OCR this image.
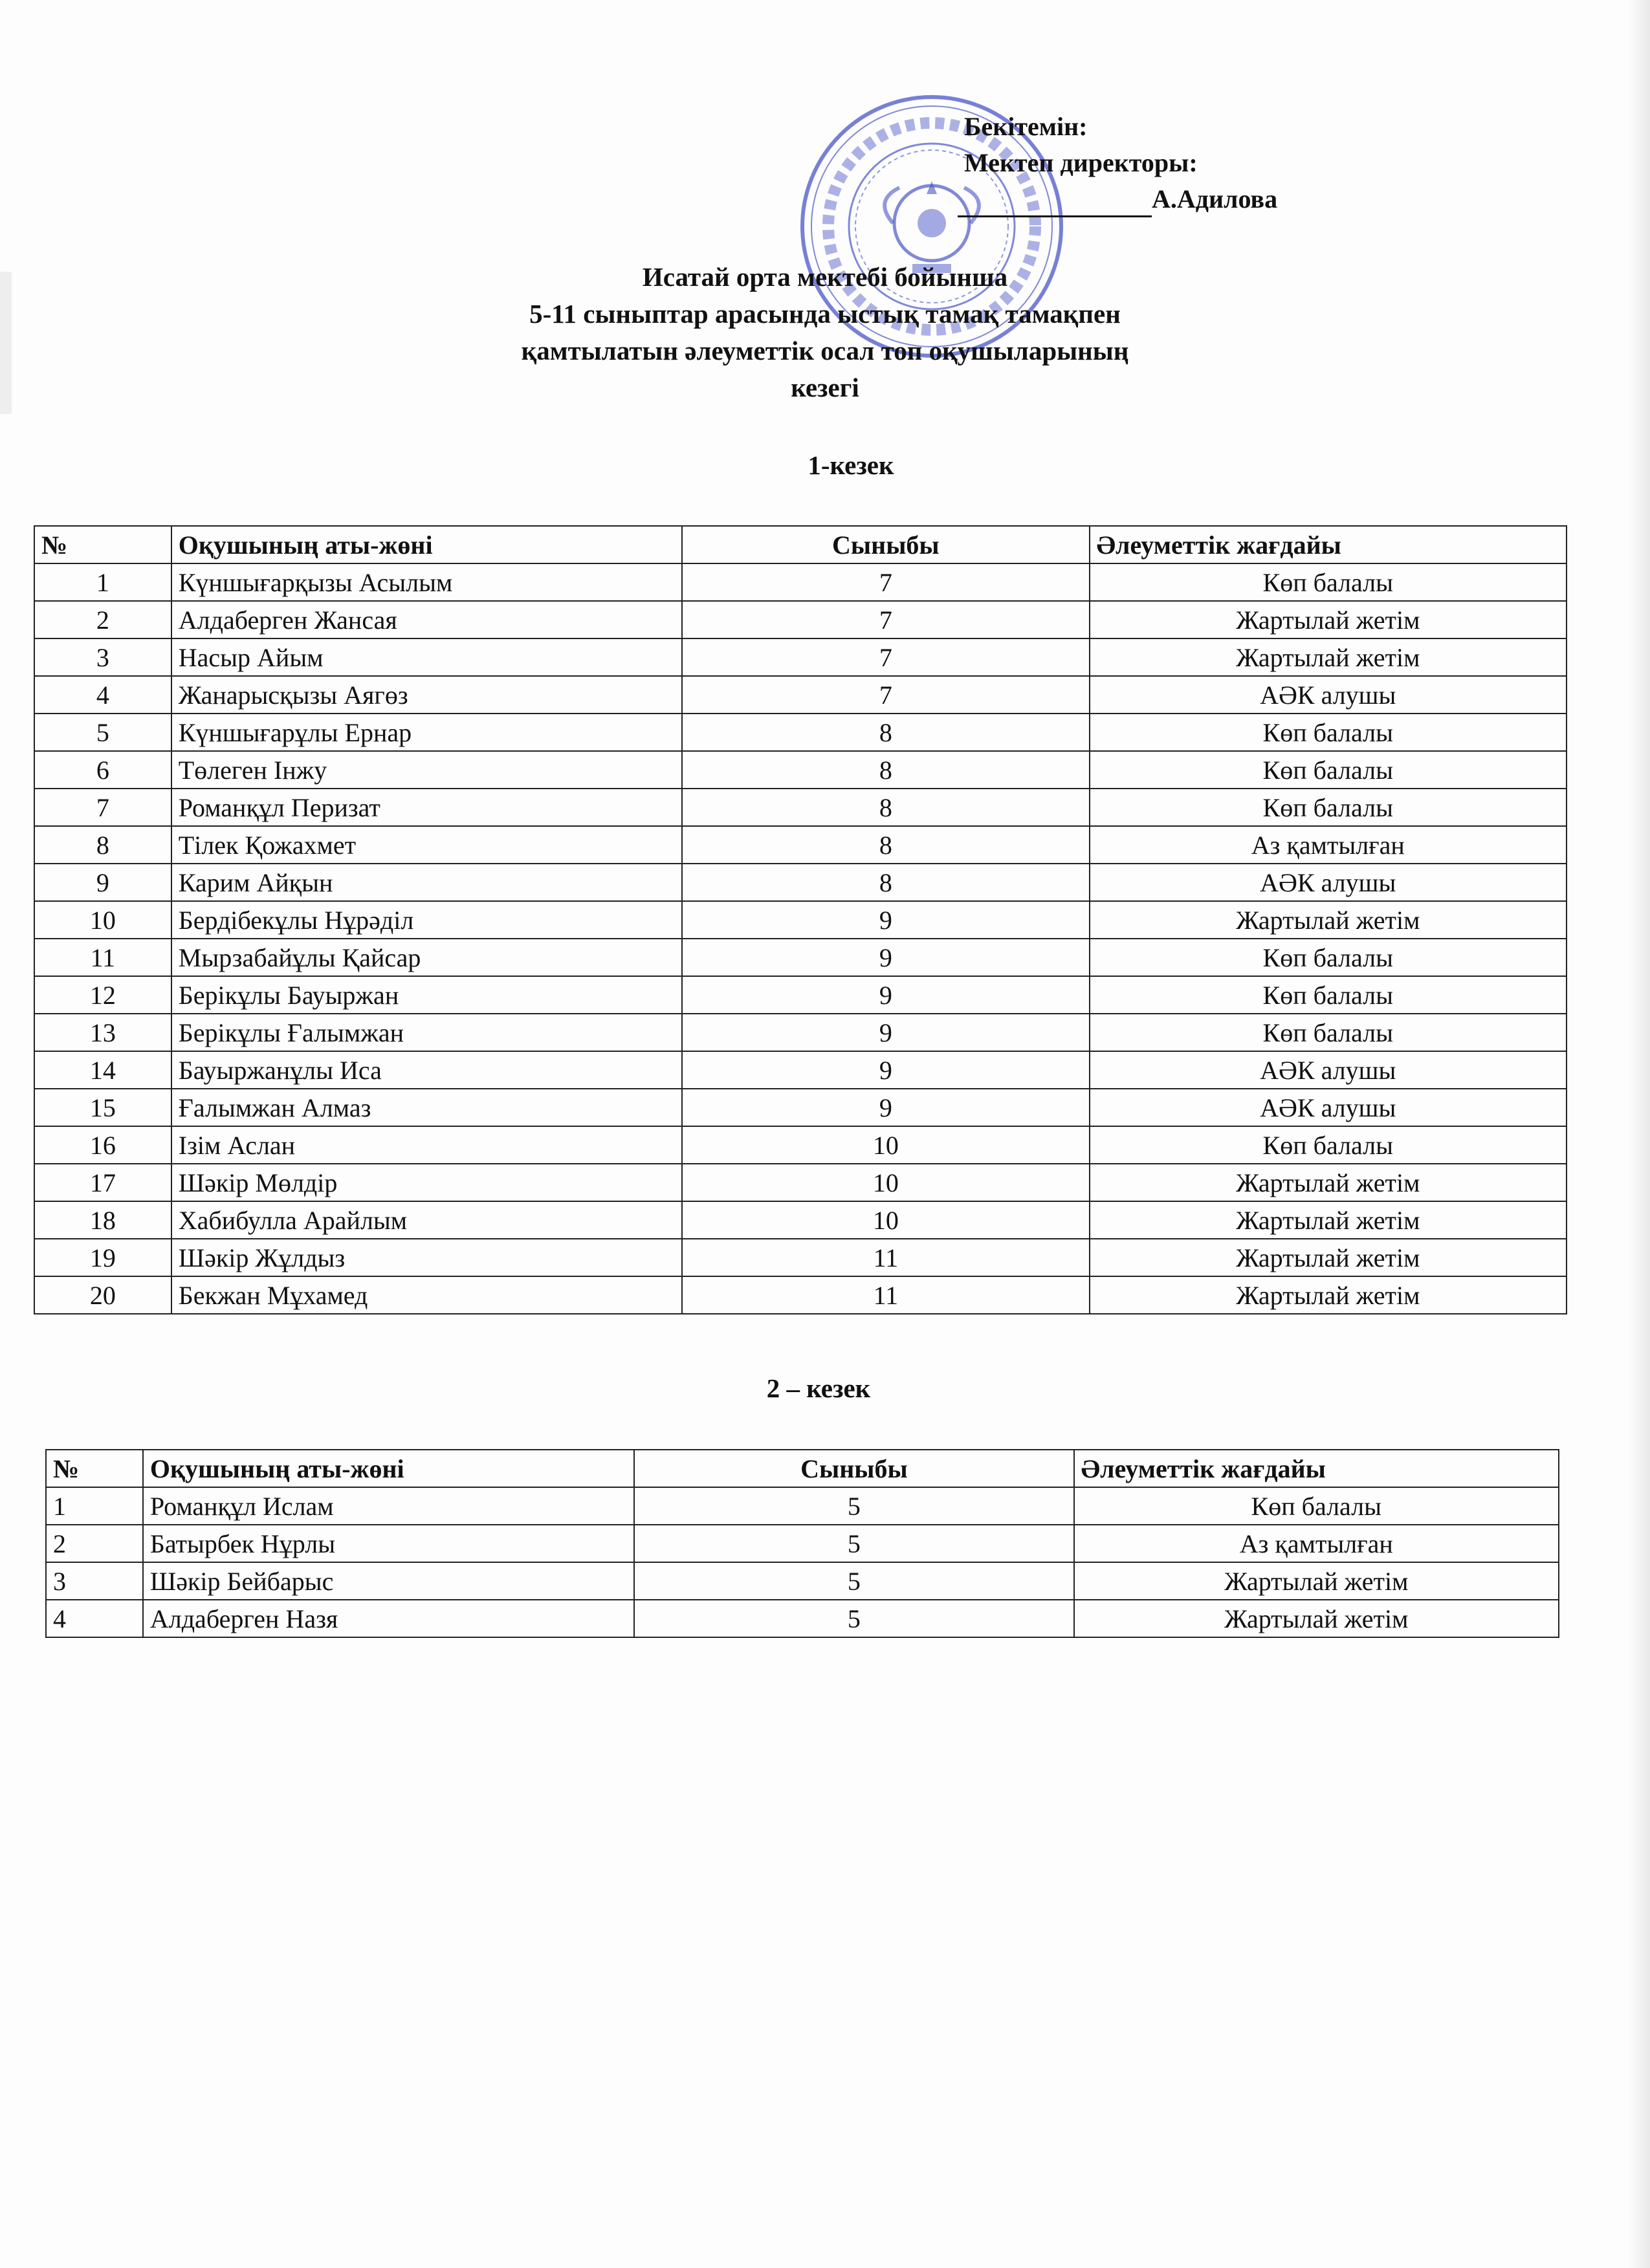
Бекітемін:
Мектеп директоры:
А.Адилова
Исатай орта мектебі бойынша
5-11 сыныптар арасында ыстық тамақ тамақпен
қамтылатын әлеуметтік осал топ оқушыларының
кезегі
1-кезек
№	Оқушының аты-жөні	Сыныбы	Әлеуметтік жағдайы
1	Күншығарқызы Асылым	7	Көп балалы
2	Алдаберген Жансая	7	Жартылай жетім
3	Насыр Айым	7	Жартылай жетім
4	Жанарысқызы Аягөз	7	АӘК алушы
5	Күншығарұлы Ернар	8	Көп балалы
6	Төлеген Інжу	8	Көп балалы
7	Романқұл Перизат	8	Көп балалы
8	Тілек Қожахмет	8	Аз қамтылған
9	Карим Айқын	8	АӘК алушы
10	Бердібекұлы Нұрәділ	9	Жартылай жетім
11	Мырзабайұлы Қайсар	9	Көп балалы
12	Берікұлы Бауыржан	9	Көп балалы
13	Берікұлы Ғалымжан	9	Көп балалы
14	Бауыржанұлы Иса	9	АӘК алушы
15	Ғалымжан Алмаз	9	АӘК алушы
16	Ізім Аслан	10	Көп балалы
17	Шәкір Мөлдір	10	Жартылай жетім
18	Хабибулла Арайлым	10	Жартылай жетім
19	Шәкір Жұлдыз	11	Жартылай жетім
20	Бекжан Мұхамед	11	Жартылай жетім
2 – кезек
№	Оқушының аты-жөні	Сыныбы	Әлеуметтік жағдайы
1	Романқұл Ислам	5	Көп балалы
2	Батырбек Нұрлы	5	Аз қамтылған
3	Шәкір Бейбарыс	5	Жартылай жетім
4	Алдаберген Назя	5	Жартылай жетім
